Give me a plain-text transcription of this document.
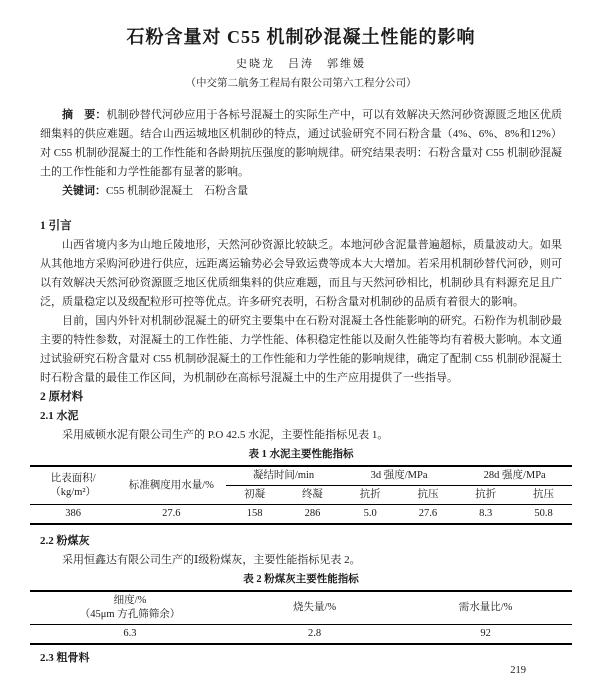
石粉含量对 C55 机制砂混凝土性能的影响
史晓龙　吕涛　郭维媛
（中交第二航务工程局有限公司第六工程分公司）

摘　要：机制砂替代河砂应用于各标号混凝土的实际生产中，可以有效解决天然河砂资源匮乏地区优质细集料的供应难题。结合山西运城地区机制砂的特点，通过试验研究不同石粉含量（4%、6%、8%和12%）对 C55 机制砂混凝土的工作性能和各龄期抗压强度的影响规律。研究结果表明：石粉含量对 C55 机制砂混凝土的工作性能和力学性能都有显著的影响。

关键词：C55 机制砂混凝土　石粉含量

1 引言

山西省境内多为山地丘陵地形，天然河砂资源比较缺乏。本地河砂含泥量普遍超标，质量波动大。如果从其他地方采购河砂进行供应，远距离运输势必会导致运费等成本大大增加。若采用机制砂替代河砂，则可以有效解决天然河砂资源匮乏地区优质细集料的供应难题，而且与天然河砂相比，机制砂具有料源充足且广泛，质量稳定以及级配粒形可控等优点。许多研究表明，石粉含量对机制砂的品质有着很大的影响。

目前，国内外针对机制砂混凝土的研究主要集中在石粉对混凝土各性能影响的研究。石粉作为机制砂最主要的特性参数，对混凝土的工作性能、力学性能、体积稳定性能以及耐久性能等均有着极大影响。本文通过试验研究石粉含量对 C55 机制砂混凝土的工作性能和力学性能的影响规律，确定了配制 C55 机制砂混凝土时石粉含量的最佳工作区间，为机制砂在高标号混凝土中的生产应用提供了一些指导。

2 原材料
2.1 水泥

采用威顿水泥有限公司生产的 P.O 42.5 水泥，主要性能指标见表 1。

表 1 水泥主要性能指标
比表面积/
（kg/m²）	标准稠度用水量/%	凝结时间/min		3d 强度/MPa		28d 强度/MPa	
		初凝	终凝	抗折	抗压	抗折	抗压
386	27.6	158	286	5.0	27.6	8.3	50.8
2.2 粉煤灰

采用恒鑫达有限公司生产的Ⅰ级粉煤灰，主要性能指标见表 2。

表 2 粉煤灰主要性能指标
细度/%
（45μm 方孔筛筛余）	烧失量/%	需水量比/%
6.3	2.8	92
2.3 粗骨料
219
